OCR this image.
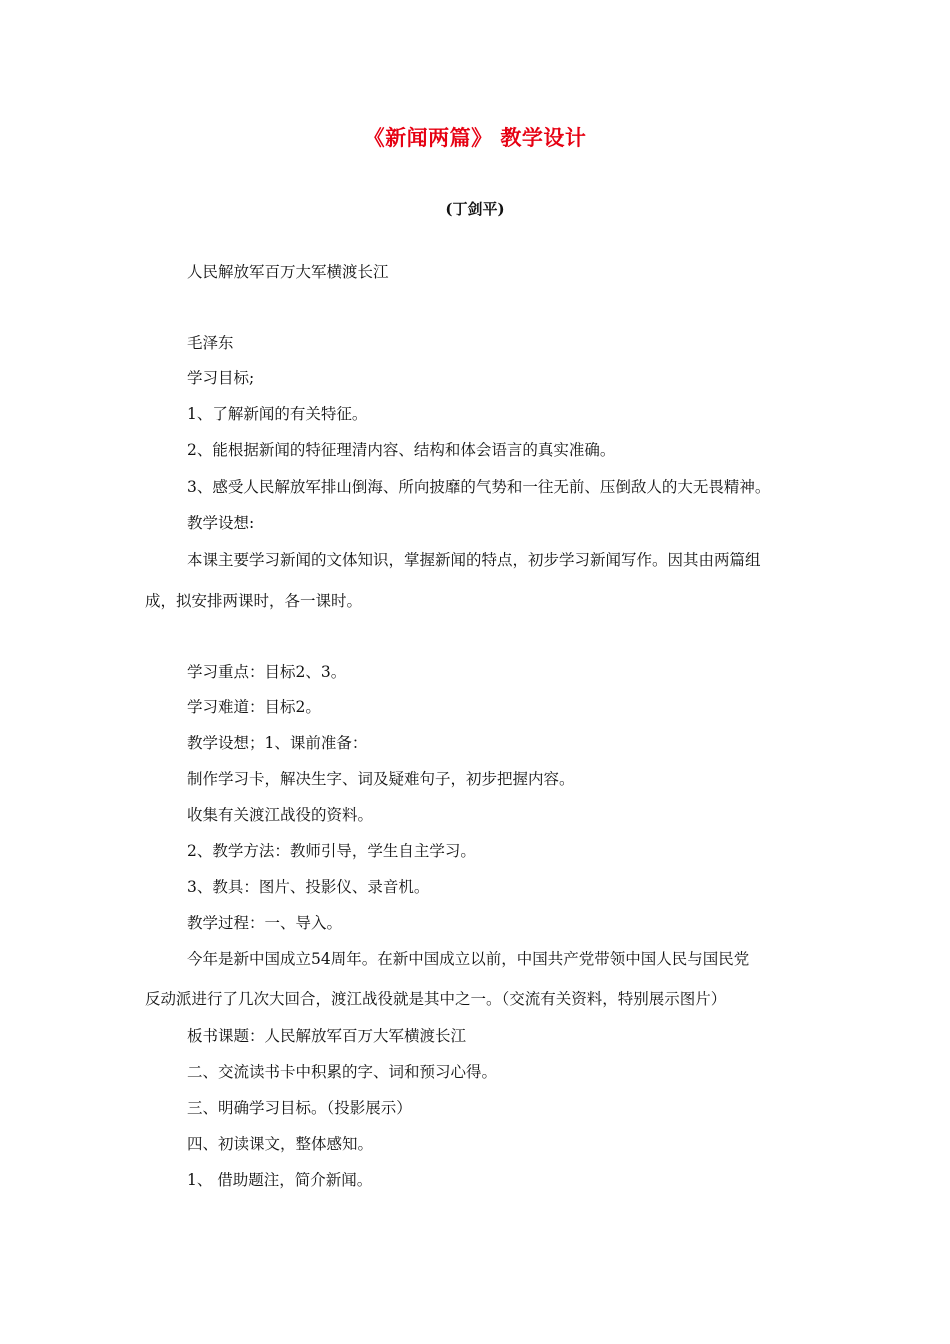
《新闻两篇》 教学设计
(丁剑平)
人民解放军百万大军横渡长江
毛泽东
学习目标;
1、了解新闻的有关特征。
2、能根据新闻的特征理清内容、结构和体会语言的真实准确。
3、感受人民解放军排山倒海、所向披靡的气势和一往无前、压倒敌人的大无畏精神。
教学设想:
本课主要学习新闻的文体知识，掌握新闻的特点，初步学习新闻写作。因其由两篇组
成，拟安排两课时，各一课时。
学习重点：目标2、3。
学习难道：目标2。
教学设想；1、课前准备：
制作学习卡，解决生字、词及疑难句子，初步把握内容。
收集有关渡江战役的资料。
2、教学方法：教师引导，学生自主学习。
3、教具：图片、投影仪、录音机。
教学过程：一、导入。
今年是新中国成立54周年。在新中国成立以前，中国共产党带领中国人民与国民党
反动派进行了几次大回合，渡江战役就是其中之一。（交流有关资料，特别展示图片）
板书课题：人民解放军百万大军横渡长江
二、交流读书卡中积累的字、词和预习心得。
三、明确学习目标。（投影展示）
四、初读课文，整体感知。
1、 借助题注，简介新闻。
